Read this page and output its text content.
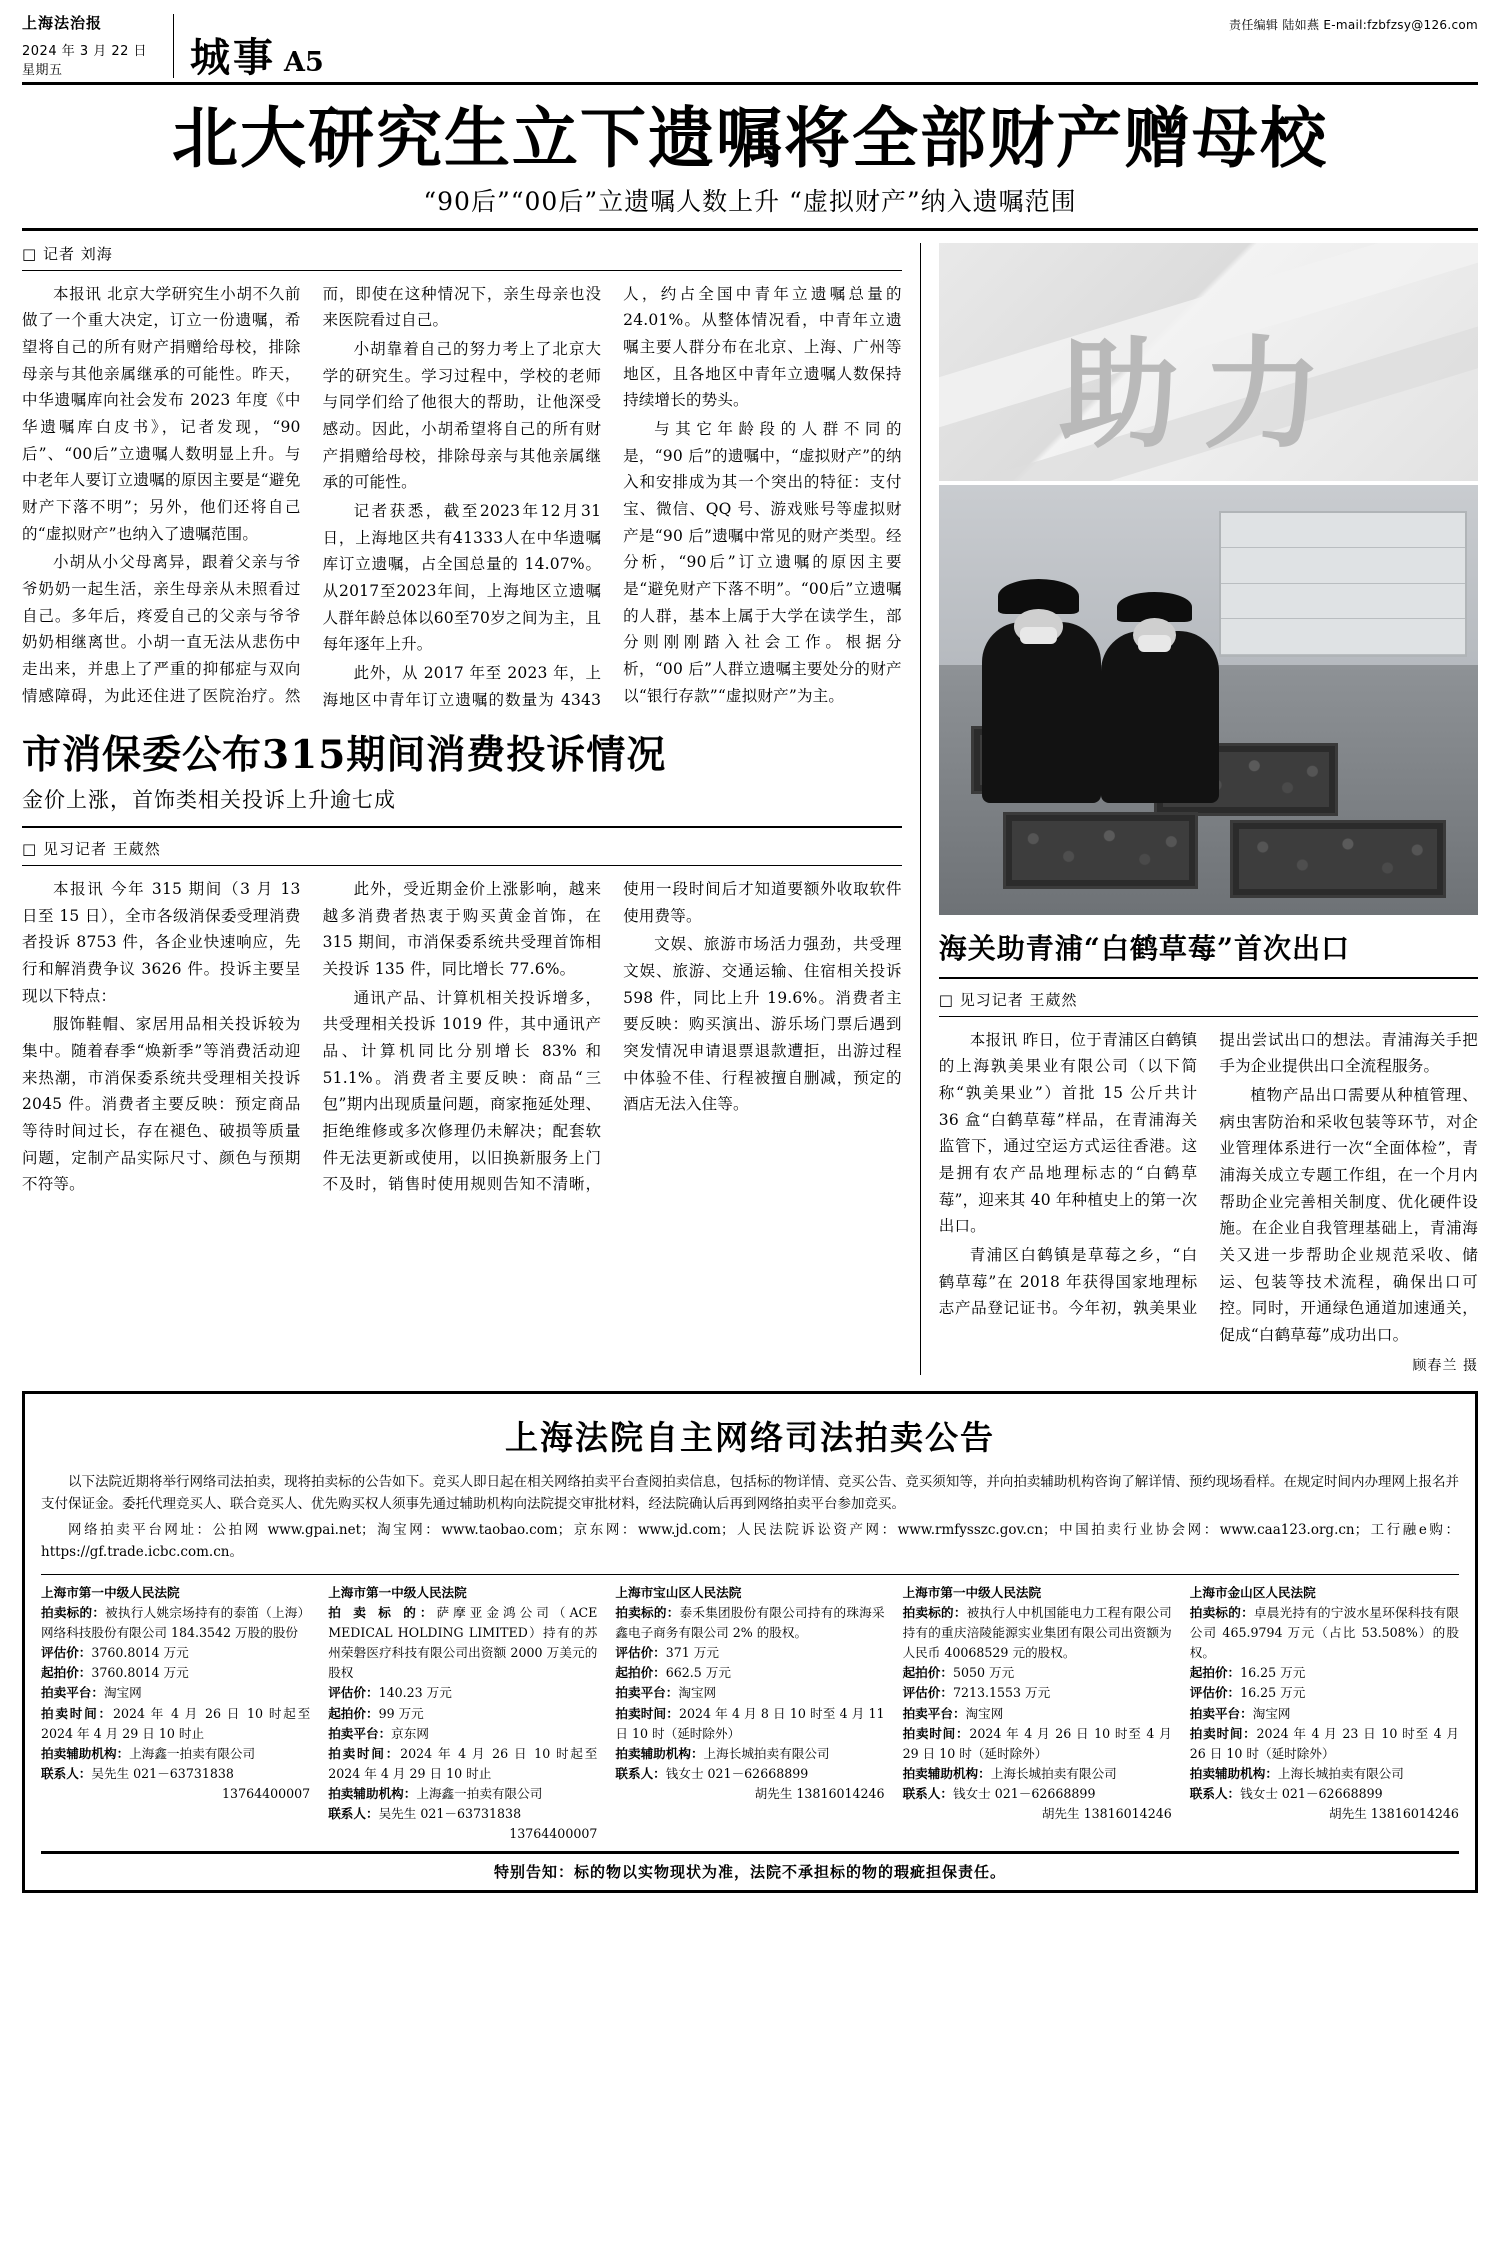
上海法治报
2024 年 3 月 22 日 星期五	城事 A5
责任编辑 陆如燕 E-mail:fzbfzsy@126.com
北大研究生立下遗嘱将全部财产赠母校
“90后”“00后”立遗嘱人数上升 “虚拟财产”纳入遗嘱范围
□ 记者 刘海

本报讯 北京大学研究生小胡不久前做了一个重大决定，订立一份遗嘱，希望将自己的所有财产捐赠给母校，排除母亲与其他亲属继承的可能性。昨天，中华遗嘱库向社会发布 2023 年度《中华遗嘱库白皮书》，记者发现，“90后”、“00后”立遗嘱人数明显上升。与中老年人要订立遗嘱的原因主要是“避免财产下落不明”；另外，他们还将自己的“虚拟财产”也纳入了遗嘱范围。

小胡从小父母离异，跟着父亲与爷爷奶奶一起生活，亲生母亲从未照看过自己。多年后，疼爱自己的父亲与爷爷奶奶相继离世。小胡一直无法从悲伤中走出来，并患上了严重的抑郁症与双向情感障碍，为此还住进了医院治疗。然而，即使在这种情况下，亲生母亲也没来医院看过自己。

小胡靠着自己的努力考上了北京大学的研究生。学习过程中，学校的老师与同学们给了他很大的帮助，让他深受感动。因此，小胡希望将自己的所有财产捐赠给母校，排除母亲与其他亲属继承的可能性。

记者获悉，截至2023年12月31日，上海地区共有41333人在中华遗嘱库订立遗嘱，占全国总量的 14.07%。从2017至2023年间，上海地区立遗嘱人群年龄总体以60至70岁之间为主，且每年逐年上升。

此外，从 2017 年至 2023 年，上海地区中青年订立遗嘱的数量为 4343 人，约占全国中青年立遗嘱总量的 24.01%。从整体情况看，中青年立遗嘱主要人群分布在北京、上海、广州等地区，且各地区中青年立遗嘱人数保持持续增长的势头。

与其它年龄段的人群不同的是，“90 后”的遗嘱中，“虚拟财产”的纳入和安排成为其一个突出的特征：支付宝、微信、QQ 号、游戏账号等虚拟财产是“90 后”遗嘱中常见的财产类型。经分析，“90后”订立遗嘱的原因主要是“避免财产下落不明”。“00后”立遗嘱的人群，基本上属于大学在读学生，部分则刚刚踏入社会工作。根据分析，“00 后”人群立遗嘱主要处分的财产以“银行存款”“虚拟财产”为主。

市消保委公布315期间消费投诉情况
金价上涨，首饰类相关投诉上升逾七成
□ 见习记者 王葳然

本报讯 今年 315 期间（3 月 13 日至 15 日），全市各级消保委受理消费者投诉 8753 件，各企业快速响应，先行和解消费争议 3626 件。投诉主要呈现以下特点：

服饰鞋帽、家居用品相关投诉较为集中。随着春季“焕新季”等消费活动迎来热潮，市消保委系统共受理相关投诉 2045 件。消费者主要反映：预定商品等待时间过长，存在褪色、破损等质量问题，定制产品实际尺寸、颜色与预期不符等。

此外，受近期金价上涨影响，越来越多消费者热衷于购买黄金首饰，在 315 期间，市消保委系统共受理首饰相关投诉 135 件，同比增长 77.6%。

通讯产品、计算机相关投诉增多，共受理相关投诉 1019 件，其中通讯产品、计算机同比分别增长 83% 和 51.1%。消费者主要反映：商品“三包”期内出现质量问题，商家拖延处理、拒绝维修或多次修理仍未解决；配套软件无法更新或使用，以旧换新服务上门不及时，销售时使用规则告知不清晰，使用一段时间后才知道要额外收取软件使用费等。

文娱、旅游市场活力强劲，共受理文娱、旅游、交通运输、住宿相关投诉 598 件，同比上升 19.6%。消费者主要反映：购买演出、游乐场门票后遇到突发情况申请退票退款遭拒，出游过程中体验不佳、行程被擅自删减，预定的酒店无法入住等。

助力
海关助青浦“白鹤草莓”首次出口
□ 见习记者 王葳然

本报讯 昨日，位于青浦区白鹤镇的上海孰美果业有限公司（以下简称“孰美果业”）首批 15 公斤共计 36 盒“白鹤草莓”样品，在青浦海关监管下，通过空运方式运往香港。这是拥有农产品地理标志的“白鹤草莓”，迎来其 40 年种植史上的第一次出口。

青浦区白鹤镇是草莓之乡，“白鹤草莓”在 2018 年获得国家地理标志产品登记证书。今年初，孰美果业提出尝试出口的想法。青浦海关手把手为企业提供出口全流程服务。

植物产品出口需要从种植管理、病虫害防治和采收包装等环节，对企业管理体系进行一次“全面体检”，青浦海关成立专题工作组，在一个月内帮助企业完善相关制度、优化硬件设施。在企业自我管理基础上，青浦海关又进一步帮助企业规范采收、储运、包装等技术流程，确保出口可控。同时，开通绿色通道加速通关，促成“白鹤草莓”成功出口。

顾春兰 摄
上海法院自主网络司法拍卖公告

以下法院近期将举行网络司法拍卖，现将拍卖标的公告如下。竞买人即日起在相关网络拍卖平台查阅拍卖信息，包括标的物详情、竞买公告、竞买须知等，并向拍卖辅助机构咨询了解详情、预约现场看样。在规定时间内办理网上报名并支付保证金。委托代理竞买人、联合竞买人、优先购买权人须事先通过辅助机构向法院提交审批材料，经法院确认后再到网络拍卖平台参加竞买。

网络拍卖平台网址：公拍网 www.gpai.net；淘宝网：www.taobao.com；京东网：www.jd.com；人民法院诉讼资产网：www.rmfysszc.gov.cn；中国拍卖行业协会网：www.caa123.org.cn；工行融e购：https://gf.trade.icbc.com.cn。

上海市第一中级人民法院
拍卖标的：被执行人姚宗场持有的泰笛（上海）网络科技股份有限公司 184.3542 万股的股份
评估价：3760.8014 万元
起拍价：3760.8014 万元
拍卖平台：淘宝网
拍卖时间：2024 年 4 月 26 日 10 时起至 2024 年 4 月 29 日 10 时止
拍卖辅助机构：上海鑫一拍卖有限公司
联系人：吴先生 021－63731838
13764400007
上海市第一中级人民法院
拍 卖 标 的：萨摩亚金鸿公司（ACE MEDICAL HOLDING LIMITED）持有的苏州荣磐医疗科技有限公司出资额 2000 万美元的股权
评估价：140.23 万元
起拍价：99 万元
拍卖平台：京东网
拍卖时间：2024 年 4 月 26 日 10 时起至 2024 年 4 月 29 日 10 时止
拍卖辅助机构：上海鑫一拍卖有限公司
联系人：吴先生 021－63731838
13764400007
上海市宝山区人民法院
拍卖标的：泰禾集团股份有限公司持有的珠海采鑫电子商务有限公司 2% 的股权。
评估价：371 万元
起拍价：662.5 万元
拍卖平台：淘宝网
拍卖时间：2024 年 4 月 8 日 10 时至 4 月 11 日 10 时（延时除外）
拍卖辅助机构：上海长城拍卖有限公司
联系人：钱女士 021－62668899
胡先生 13816014246
上海市第一中级人民法院
拍卖标的：被执行人中机国能电力工程有限公司持有的重庆涪陵能源实业集团有限公司出资额为人民币 40068529 元的股权。
起拍价：5050 万元
评估价：7213.1553 万元
拍卖平台：淘宝网
拍卖时间：2024 年 4 月 26 日 10 时至 4 月 29 日 10 时（延时除外）
拍卖辅助机构：上海长城拍卖有限公司
联系人：钱女士 021－62668899
胡先生 13816014246
上海市金山区人民法院
拍卖标的：卓晨光持有的宁波水星环保科技有限公司 465.9794 万元（占比 53.508%）的股权。
起拍价：16.25 万元
评估价：16.25 万元
拍卖平台：淘宝网
拍卖时间：2024 年 4 月 23 日 10 时至 4 月 26 日 10 时（延时除外）
拍卖辅助机构：上海长城拍卖有限公司
联系人：钱女士 021－62668899
胡先生 13816014246
特别告知：标的物以实物现状为准，法院不承担标的物的瑕疵担保责任。
